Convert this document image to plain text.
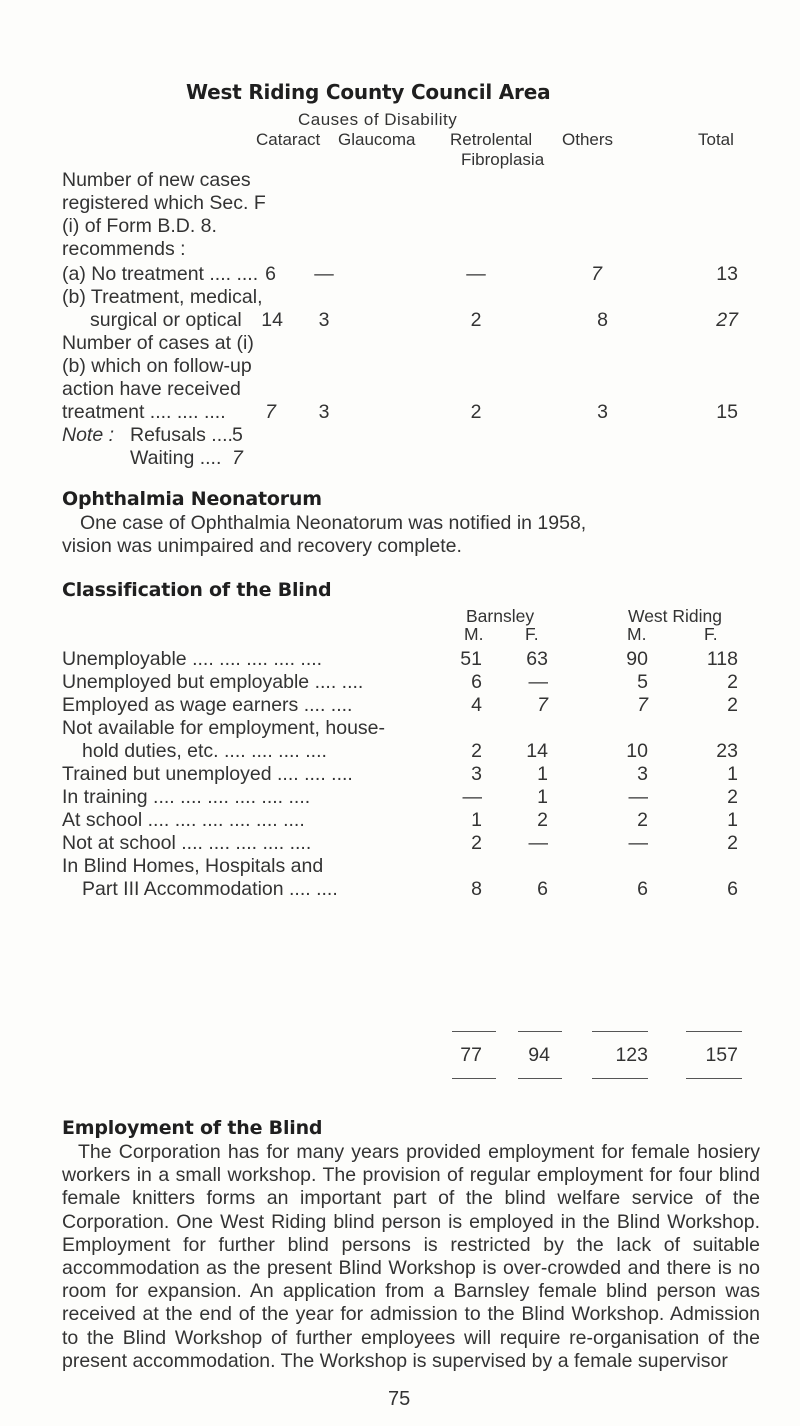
West Riding County Council Area
Causes of Disability
Cataract Glaucoma Retrolental Others	Total
Fibroplasia
Number of new cases
registered which Sec. F
(i) of Form B.D. 8.
recommends :
(a) No treatment .... .... 6	—	—	7	13
(b) Treatment, medical,
surgical or optical	14	3	2	8	27
Number of cases at (i)
(b) which on follow-up
action have received
treatment .... .... ....	7	3	2	3	15
Note : Refusals .... 5
Waiting .... 7
Ophthalmia Neonatorum
One case of Ophthalmia Neonatorum was notified in 1958,
vision was unimpaired and recovery complete.
Classification of the Blind
Barnsley	West Riding
M. F.	M.	F.
Unemployable .... .... .... .... ....	51	63	90	118
Unemployed but employable .... ....	6	—	5	2
Employed as wage earners .... ....	4	7	7	2
Not available for employment, house-
hold duties, etc. .... .... .... ....	2	14	10	23
Trained but unemployed .... .... ....	3	1	3	1
In training .... .... .... .... .... ....	—	1	—	2
At school .... .... .... .... .... ....	1	2	2	1
Not at school .... .... .... .... ....	2	—	—	2
In Blind Homes, Hospitals and
Part III Accommodation .... ....	8	6	6	6
77	94	123	157
Employment of the Blind
The Corporation has for many years provided employment for female hosiery workers in a small workshop. The provision of regular employment for four blind female knitters forms an important part of the blind welfare service of the Corporation. One West Riding blind person is employed in the Blind Workshop. Employment for further blind persons is restricted by the lack of suitable accommodation as the present Blind Workshop is over-crowded and there is no room for expansion. An application from a Barnsley female blind person was received at the end of the year for admission to the Blind Workshop. Admission to the Blind Workshop of further employees will require re-organisation of the present accommodation. The Workshop is supervised by a female supervisor
75
